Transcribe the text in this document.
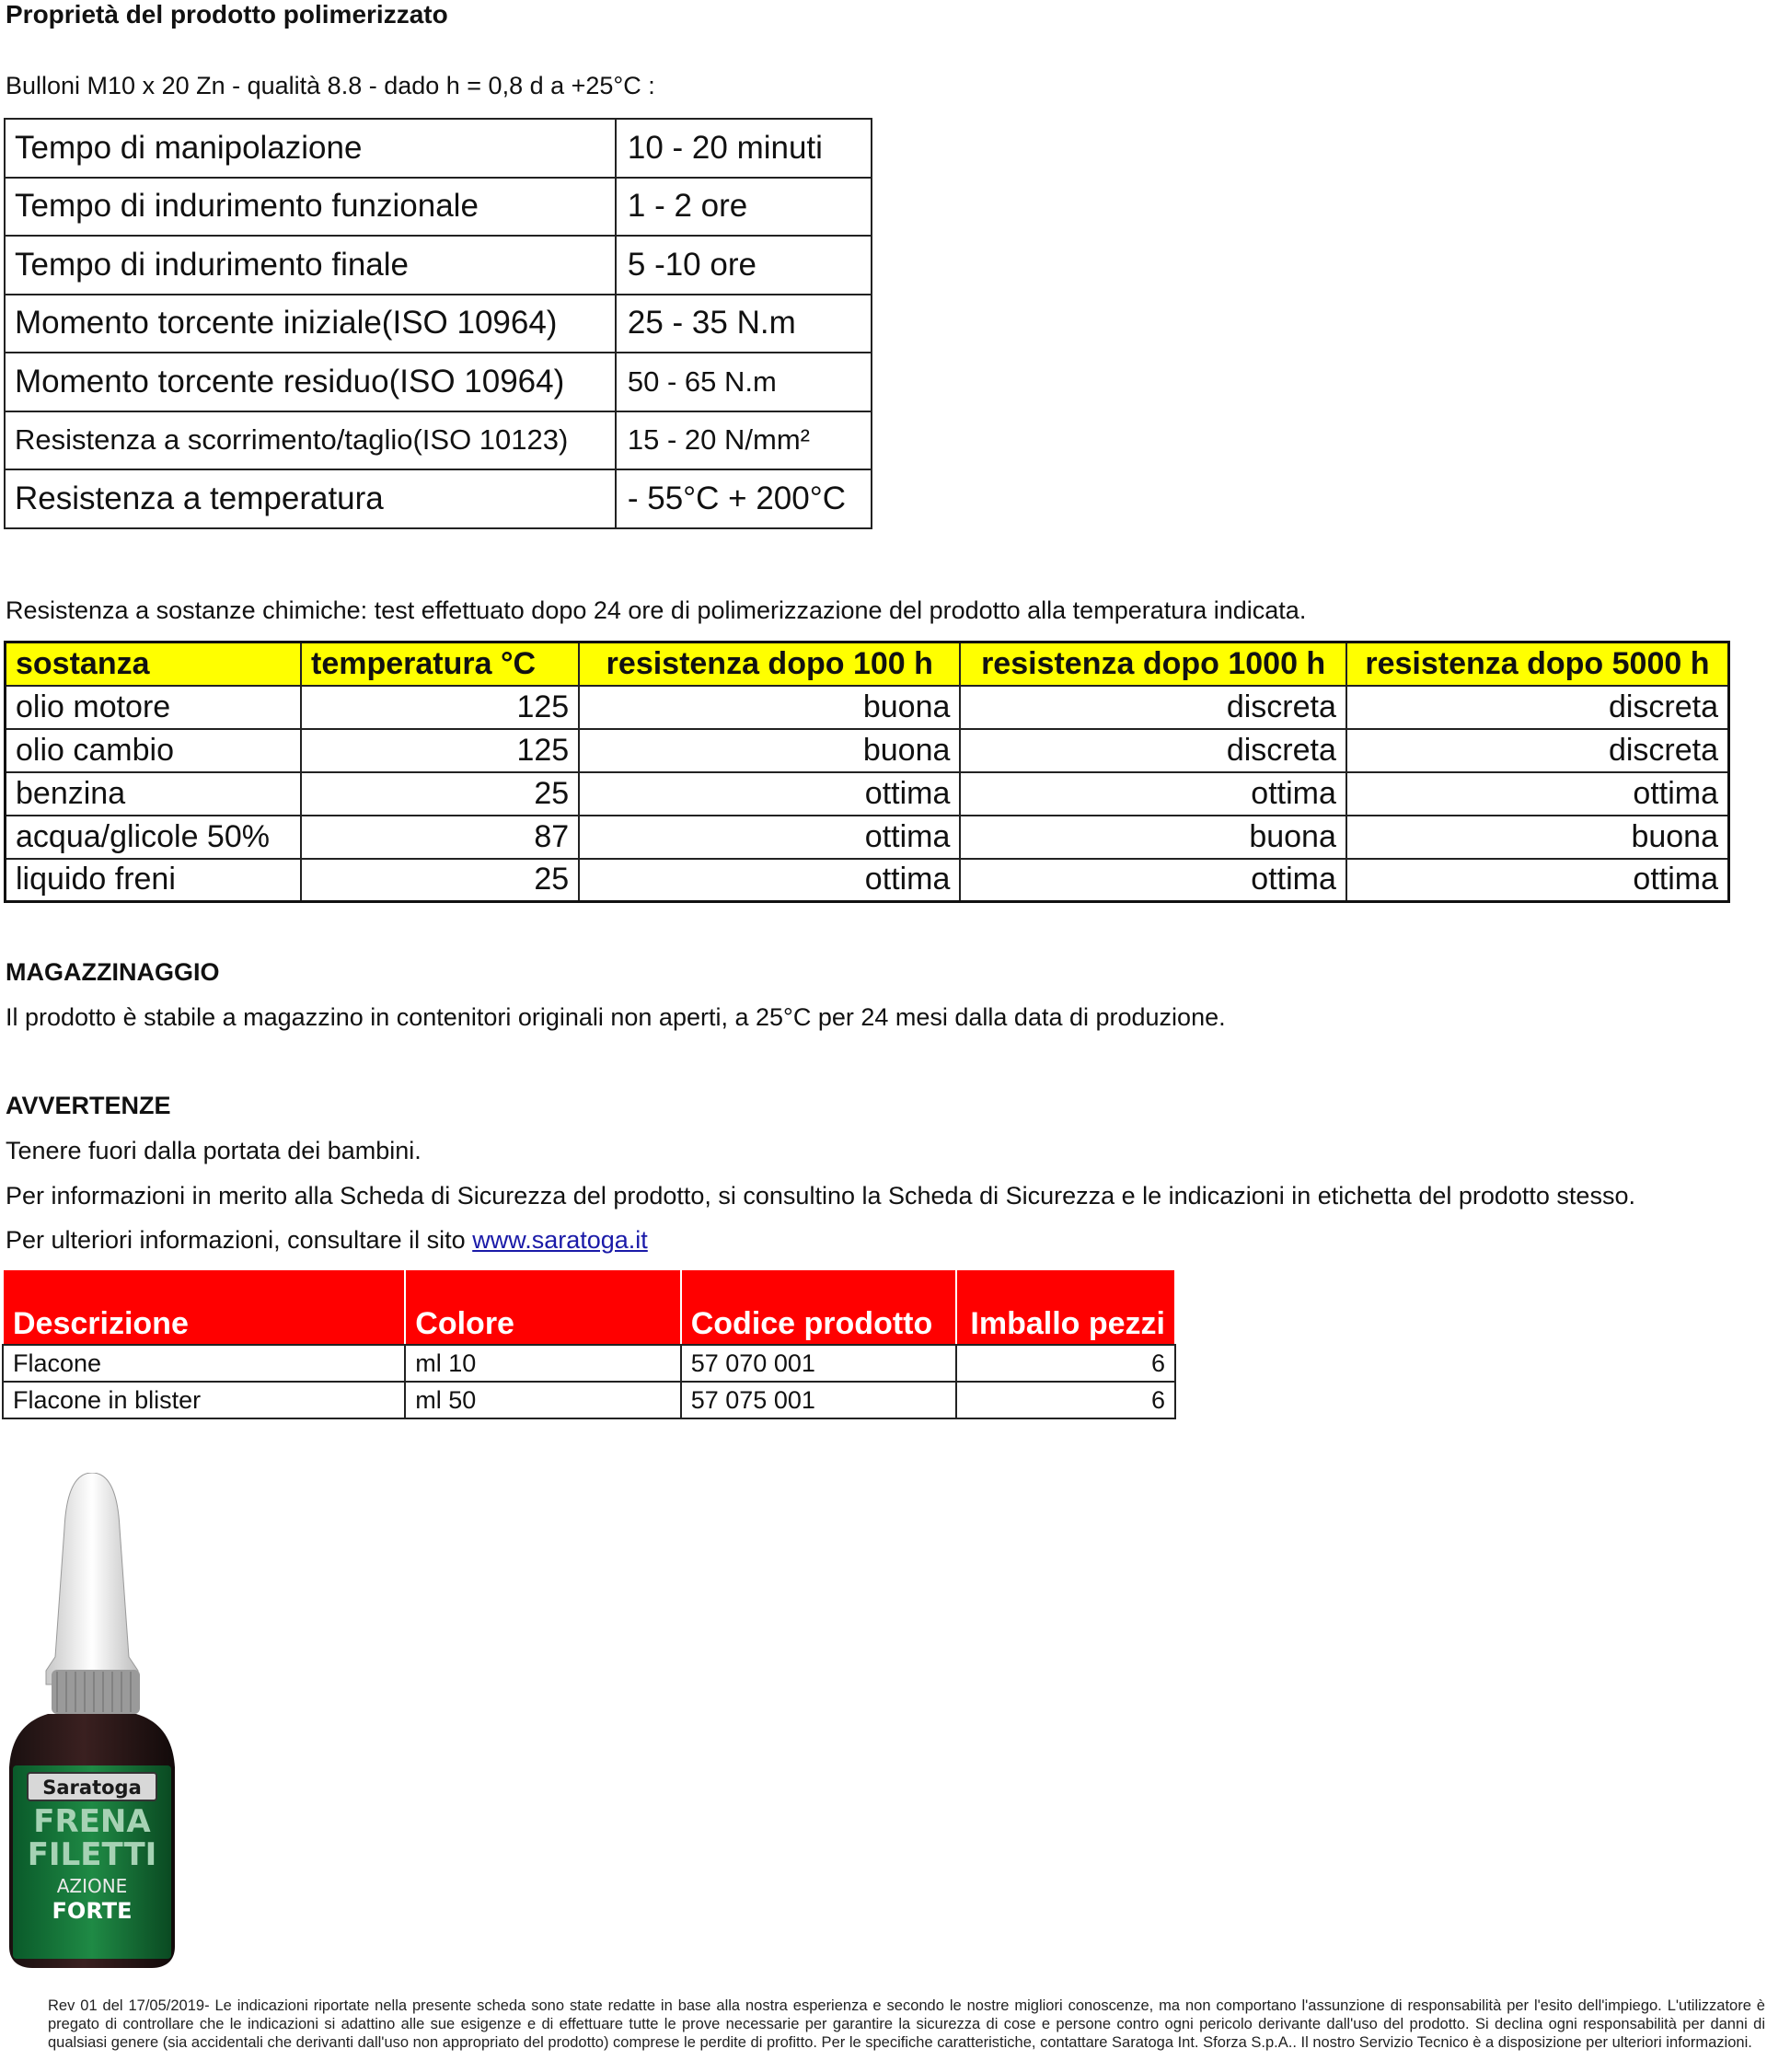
Proprietà del prodotto polimerizzato
Bulloni M10 x 20 Zn - qualità 8.8 - dado h = 0,8 d a +25°C :
Tempo di manipolazione	10 - 20 minuti
Tempo di indurimento funzionale	1 - 2 ore
Tempo di indurimento finale	5 -10 ore
Momento torcente iniziale(ISO 10964)	25 - 35 N.m
Momento torcente residuo(ISO 10964)	50 - 65 N.m
Resistenza a scorrimento/taglio(ISO 10123)	15 - 20 N/mm²
Resistenza a temperatura	- 55°C + 200°C
Resistenza a sostanze chimiche: test effettuato dopo 24 ore di polimerizzazione del prodotto alla temperatura indicata.
sostanza	temperatura °C	resistenza dopo 100 h	resistenza dopo 1000 h	resistenza dopo 5000 h
olio motore	125	buona	discreta	discreta
olio cambio	125	buona	discreta	discreta
benzina	25	ottima	ottima	ottima
acqua/glicole 50%	87	ottima	buona	buona
liquido freni	25	ottima	ottima	ottima
MAGAZZINAGGIO
Il prodotto è stabile a magazzino in contenitori originali non aperti, a 25°C per 24 mesi dalla data di produzione.
AVVERTENZE
Tenere fuori dalla portata dei bambini.
Per informazioni in merito alla Scheda di Sicurezza del prodotto, si consultino la Scheda di Sicurezza e le indicazioni in etichetta del prodotto stesso.
Per ulteriori informazioni, consultare il sito www.saratoga.it
Descrizione	Colore	Codice prodotto	Imballo pezzi
Flacone	ml 10	57 070 001	6
Flacone in blister	ml 50	57 075 001	6
Saratoga
FRENA
FILETTI
AZIONE
FORTE
Rev 01 del 17/05/2019- Le indicazioni riportate nella presente scheda sono state redatte in base alla nostra esperienza e secondo le nostre migliori conoscenze, ma non comportano l'assunzione di responsabilità per l'esito dell'impiego. L'utilizzatore è pregato di controllare che le indicazioni si adattino alle sue esigenze e di effettuare tutte le prove necessarie per garantire la sicurezza di cose e persone contro ogni pericolo derivante dall'uso del prodotto. Si declina ogni responsabilità per danni di qualsiasi genere (sia accidentali che derivanti dall'uso non appropriato del prodotto) comprese le perdite di profitto. Per le specifiche caratteristiche, contattare Saratoga Int. Sforza S.p.A.. Il nostro Servizio Tecnico è a disposizione per ulteriori informazioni.
